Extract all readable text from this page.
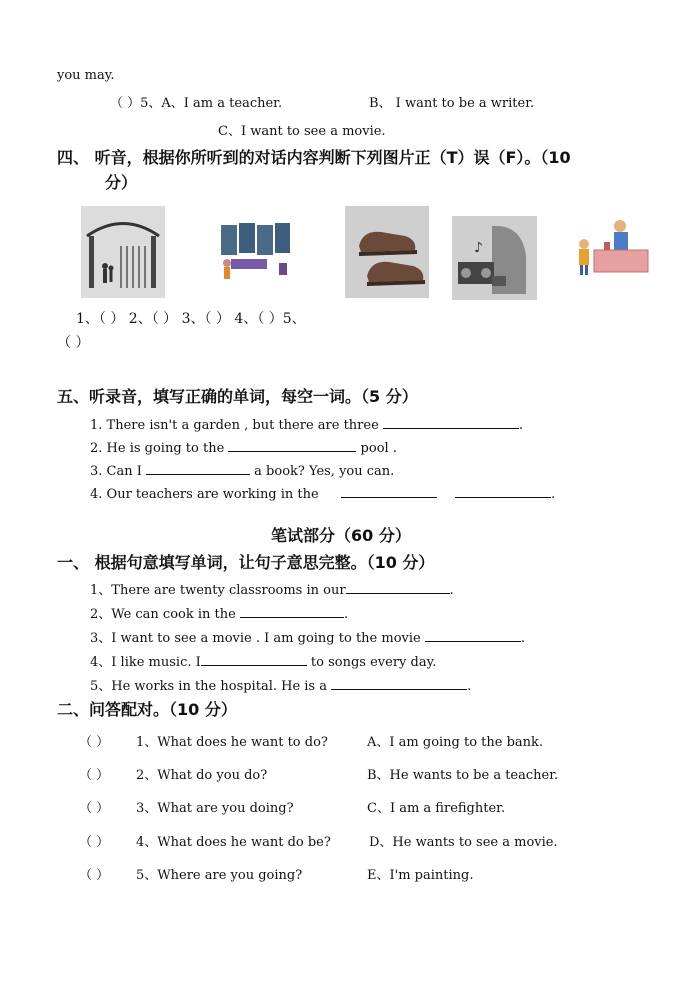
you may.
（ ）5、A、I am a teacher.	B、 I want to be a writer.
C、I want to see a movie.
四、 听音，根据你所听到的对话内容判断下列图片正（T）误（F）。（10
分）
♪
1、（ ） 2、（ ） 3、（ ） 4、（ ）5、
（ ）
五、听录音，填写正确的单词，每空一词。（5 分）
1. There isn't a garden , but there are three	.
2. He is going to the	pool .
3. Can I	a book? Yes, you can.
4. Our teachers are working in the	.
笔试部分（60 分）
一、 根据句意填写单词，让句子意思完整。（10 分）
1、There are twenty classrooms in our	.
2、We can cook in the	.
3、I want to see a movie . I am going to the movie	.
4、I like music. I	to songs every day.
5、He works in the hospital. He is a	.
二、问答配对。（10 分）
（ ） 1、What does he want to do?	A、I am going to the bank.
（ ） 2、What do you do?	B、He wants to be a teacher.
（ ） 3、What are you doing?	C、I am a firefighter.
（ ） 4、What does he want do be?	D、He wants to see a movie.
（ ） 5、Where are you going?	E、I'm painting.
